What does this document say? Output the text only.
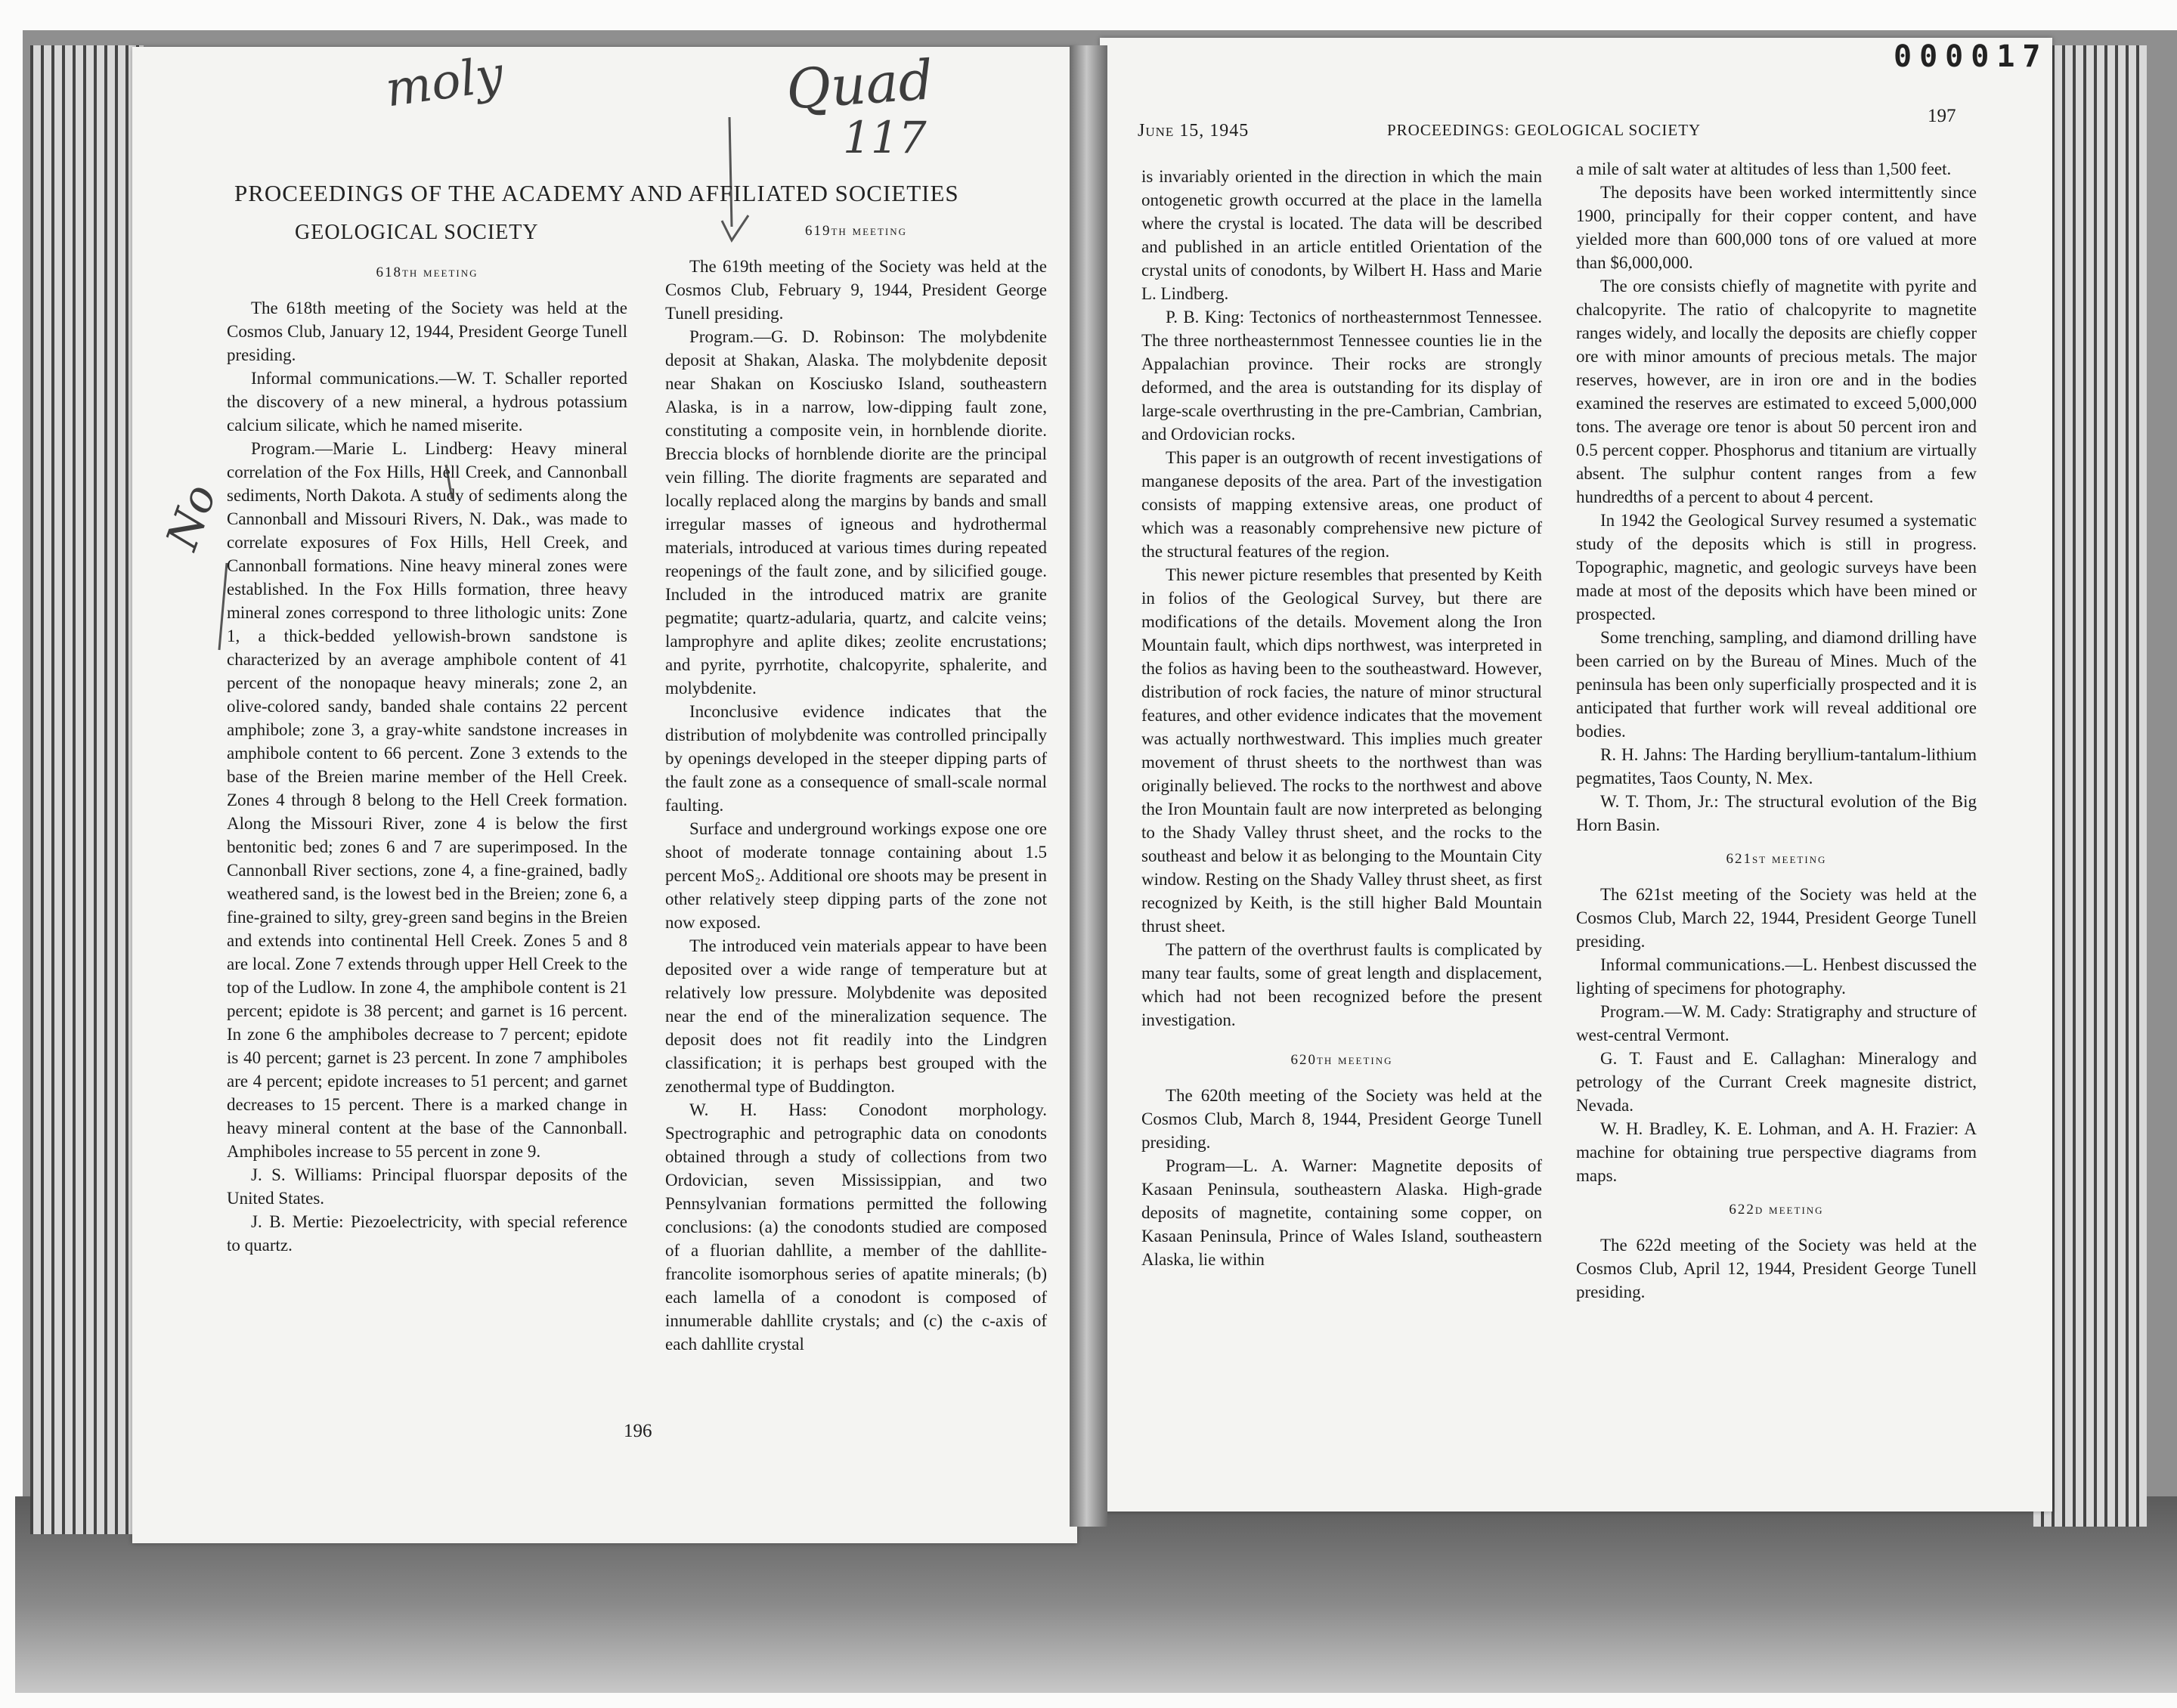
moly	Quad
117
No
000017
PROCEEDINGS OF THE ACADEMY AND AFFILIATED SOCIETIES
GEOLOGICAL SOCIETY
618th meeting

The 618th meeting of the Society was held at the Cosmos Club, January 12, 1944, President George Tunell presiding.

Informal communications.—W. T. Schaller reported the discovery of a new mineral, a hydrous potassium calcium silicate, which he named miserite.

Program.—Marie L. Lindberg: Heavy mineral correlation of the Fox Hills, Hell Creek, and Cannonball sediments, North Dakota. A study of sediments along the Cannonball and Missouri Rivers, N. Dak., was made to correlate exposures of Fox Hills, Hell Creek, and Cannonball formations. Nine heavy mineral zones were established. In the Fox Hills formation, three heavy mineral zones correspond to three lithologic units: Zone 1, a thick-bedded yellowish-brown sandstone is characterized by an average amphibole content of 41 percent of the nonopaque heavy minerals; zone 2, an olive-colored sandy, banded shale contains 22 percent amphibole; zone 3, a gray-white sandstone increases in amphibole content to 66 percent. Zone 3 extends to the base of the Breien marine member of the Hell Creek. Zones 4 through 8 belong to the Hell Creek formation. Along the Missouri River, zone 4 is below the first bentonitic bed; zones 6 and 7 are superimposed. In the Cannonball River sections, zone 4, a fine-grained, badly weathered sand, is the lowest bed in the Breien; zone 6, a fine-grained to silty, grey-green sand begins in the Breien and extends into continental Hell Creek. Zones 5 and 8 are local. Zone 7 extends through upper Hell Creek to the top of the Ludlow. In zone 4, the amphibole content is 21 percent; epidote is 38 percent; and garnet is 16 percent. In zone 6 the amphiboles decrease to 7 percent; epidote is 40 percent; garnet is 23 percent. In zone 7 amphiboles are 4 percent; epidote increases to 51 percent; and garnet decreases to 15 percent. There is a marked change in heavy mineral content at the base of the Cannonball. Amphiboles increase to 55 percent in zone 9.

J. S. Williams: Principal fluorspar deposits of the United States.

J. B. Mertie: Piezoelectricity, with special reference to quartz.

619th meeting

The 619th meeting of the Society was held at the Cosmos Club, February 9, 1944, President George Tunell presiding.

Program.—G. D. Robinson: The molybdenite deposit at Shakan, Alaska. The molybdenite deposit near Shakan on Kosciusko Island, southeastern Alaska, is in a narrow, low-dipping fault zone, constituting a composite vein, in hornblende diorite. Breccia blocks of hornblende diorite are the principal vein filling. The diorite fragments are separated and locally replaced along the margins by bands and small irregular masses of igneous and hydrothermal materials, introduced at various times during repeated reopenings of the fault zone, and by silicified gouge. Included in the introduced matrix are granite pegmatite; quartz-adularia, quartz, and calcite veins; lamprophyre and aplite dikes; zeolite encrustations; and pyrite, pyrrhotite, chalcopyrite, sphalerite, and molybdenite.

Inconclusive evidence indicates that the distribution of molybdenite was controlled principally by openings developed in the steeper dipping parts of the fault zone as a consequence of small-scale normal faulting.

Surface and underground workings expose one ore shoot of moderate tonnage containing about 1.5 percent MoS₂. Additional ore shoots may be present in other relatively steep dipping parts of the zone not now exposed.

The introduced vein materials appear to have been deposited over a wide range of temperature but at relatively low pressure. Molybdenite was deposited near the end of the mineralization sequence. The deposit does not fit readily into the Lindgren classification; it is perhaps best grouped with the zenothermal type of Buddington.

W. H. Hass: Conodont morphology. Spectrographic and petrographic data on conodonts obtained through a study of collections from two Ordovician, seven Mississippian, and two Pennsylvanian formations permitted the following conclusions: (a) the conodonts studied are composed of a fluorian dahllite, a member of the dahllite-francolite isomorphous series of apatite minerals; (b) each lamella of a conodont is composed of innumerable dahllite crystals; and (c) the c-axis of each dahllite crystal

196
June 15, 1945	PROCEEDINGS: GEOLOGICAL SOCIETY
197

is invariably oriented in the direction in which the main ontogenetic growth occurred at the place in the lamella where the crystal is located. The data will be described and published in an article entitled Orientation of the crystal units of conodonts, by Wilbert H. Hass and Marie L. Lindberg.

P. B. King: Tectonics of northeasternmost Tennessee. The three northeasternmost Tennessee counties lie in the Appalachian province. Their rocks are strongly deformed, and the area is outstanding for its display of large-scale overthrusting in the pre-Cambrian, Cambrian, and Ordovician rocks.

This paper is an outgrowth of recent investigations of manganese deposits of the area. Part of the investigation consists of mapping extensive areas, one product of which was a reasonably comprehensive new picture of the structural features of the region.

This newer picture resembles that presented by Keith in folios of the Geological Survey, but there are modifications of the details. Movement along the Iron Mountain fault, which dips northwest, was interpreted in the folios as having been to the southeastward. However, distribution of rock facies, the nature of minor structural features, and other evidence indicates that the movement was actually northwestward. This implies much greater movement of thrust sheets to the northwest than was originally believed. The rocks to the northwest and above the Iron Mountain fault are now interpreted as belonging to the Shady Valley thrust sheet, and the rocks to the southeast and below it as belonging to the Mountain City window. Resting on the Shady Valley thrust sheet, as first recognized by Keith, is the still higher Bald Mountain thrust sheet.

The pattern of the overthrust faults is complicated by many tear faults, some of great length and displacement, which had not been recognized before the present investigation.

620th meeting

The 620th meeting of the Society was held at the Cosmos Club, March 8, 1944, President George Tunell presiding.

Program—L. A. Warner: Magnetite deposits of Kasaan Peninsula, southeastern Alaska. High-grade deposits of magnetite, containing some copper, on Kasaan Peninsula, Prince of Wales Island, southeastern Alaska, lie within

a mile of salt water at altitudes of less than 1,500 feet.

The deposits have been worked intermittently since 1900, principally for their copper content, and have yielded more than 600,000 tons of ore valued at more than $6,000,000.

The ore consists chiefly of magnetite with pyrite and chalcopyrite. The ratio of chalcopyrite to magnetite ranges widely, and locally the deposits are chiefly copper ore with minor amounts of precious metals. The major reserves, however, are in iron ore and in the bodies examined the reserves are estimated to exceed 5,000,000 tons. The average ore tenor is about 50 percent iron and 0.5 percent copper. Phosphorus and titanium are virtually absent. The sulphur content ranges from a few hundredths of a percent to about 4 percent.

In 1942 the Geological Survey resumed a systematic study of the deposits which is still in progress. Topographic, magnetic, and geologic surveys have been made at most of the deposits which have been mined or prospected.

Some trenching, sampling, and diamond drilling have been carried on by the Bureau of Mines. Much of the peninsula has been only superficially prospected and it is anticipated that further work will reveal additional ore bodies.

R. H. Jahns: The Harding beryllium-tantalum-lithium pegmatites, Taos County, N. Mex.

W. T. Thom, Jr.: The structural evolution of the Big Horn Basin.

621st meeting

The 621st meeting of the Society was held at the Cosmos Club, March 22, 1944, President George Tunell presiding.

Informal communications.—L. Henbest discussed the lighting of specimens for photography.

Program.—W. M. Cady: Stratigraphy and structure of west-central Vermont.

G. T. Faust and E. Callaghan: Mineralogy and petrology of the Currant Creek magnesite district, Nevada.

W. H. Bradley, K. E. Lohman, and A. H. Frazier: A machine for obtaining true perspective diagrams from maps.

622d meeting

The 622d meeting of the Society was held at the Cosmos Club, April 12, 1944, President George Tunell presiding.
